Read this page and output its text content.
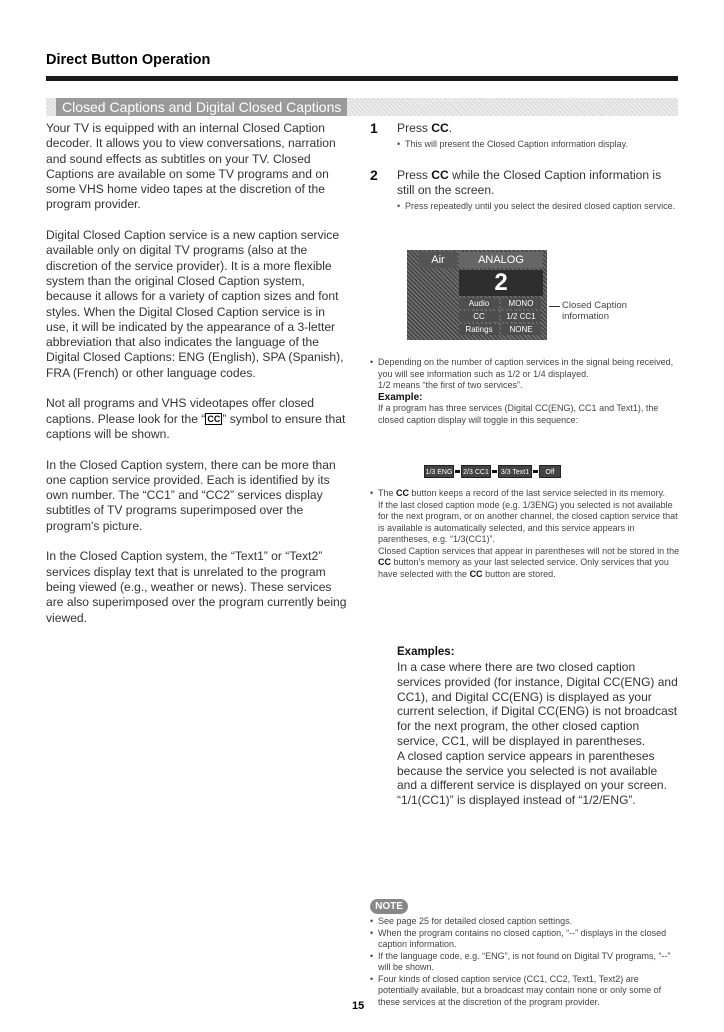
Direct Button Operation
Closed Captions and Digital Closed Captions

Your TV is equipped with an internal Closed Caption decoder. It allows you to view conversations, narration and sound effects as subtitles on your TV. Closed Captions are available on some TV programs and on some VHS home video tapes at the discretion of the program provider.

Digital Closed Caption service is a new caption service available only on digital TV programs (also at the discretion of the service provider). It is a more flexible system than the original Closed Caption system, because it allows for a variety of caption sizes and font styles. When the Digital Closed Caption service is in use, it will be indicated by the appearance of a 3-letter abbreviation that also indicates the language of the Digital Closed Captions: ENG (English), SPA (Spanish), FRA (French) or other language codes.

Not all programs and VHS videotapes offer closed captions. Please look for the “ CC ” symbol to ensure that captions will be shown.

In the Closed Caption system, there can be more than one caption service provided. Each is identified by its own number. The “CC1” and “CC2” services display subtitles of TV programs superimposed over the program's picture.

In the Closed Caption system, the “Text1” or “Text2” services display text that is unrelated to the program being viewed (e.g., weather or news). These services are also superimposed over the program currently being viewed.

1 Press CC.
• This will present the Closed Caption information display.
2 Press CC while the Closed Caption information is still on the screen.
• Press repeatedly until you select the desired closed caption service.
Air	ANALOG
2
Audio	MONO
CC	1/2 CC1
Ratings	NONE
Closed Caption
information
• Depending on the number of caption services in the signal being received, you will see information such as 1/2 or 1/4 displayed.
1/2 means “the first of two services”.
Example:
If a program has three services (Digital CC(ENG), CC1 and Text1), the closed caption display will toggle in this sequence:
1/3 ENG	2/3 CC1	3/3 Text1	Off
• The CC button keeps a record of the last service selected in its memory.
If the last closed caption mode (e.g. 1/3ENG) you selected is not available for the next program, or on another channel, the closed caption service that is available is automatically selected, and this service appears in parentheses, e.g. “1/3(CC1)”.
Closed Caption services that appear in parentheses will not be stored in the CC button's memory as your last selected service. Only services that you have selected with the CC button are stored.
Examples:
In a case where there are two closed caption services provided (for instance, Digital CC(ENG) and CC1), and Digital CC(ENG) is displayed as your current selection, if Digital CC(ENG) is not broadcast for the next program, the other closed caption service, CC1, will be displayed in parentheses.
A closed caption service appears in parentheses because the service you selected is not available and a different service is displayed on your screen. “1/1(CC1)” is displayed instead of “1/2/ENG”.
NOTE
• See page 25 for detailed closed caption settings.
• When the program contains no closed caption, “--” displays in the closed caption information.
• If the language code, e.g. “ENG”, is not found on Digital TV programs, “--” will be shown.
• Four kinds of closed caption service (CC1, CC2, Text1, Text2) are potentially available, but a broadcast may contain none or only some of these services at the discretion of the program provider.
15
